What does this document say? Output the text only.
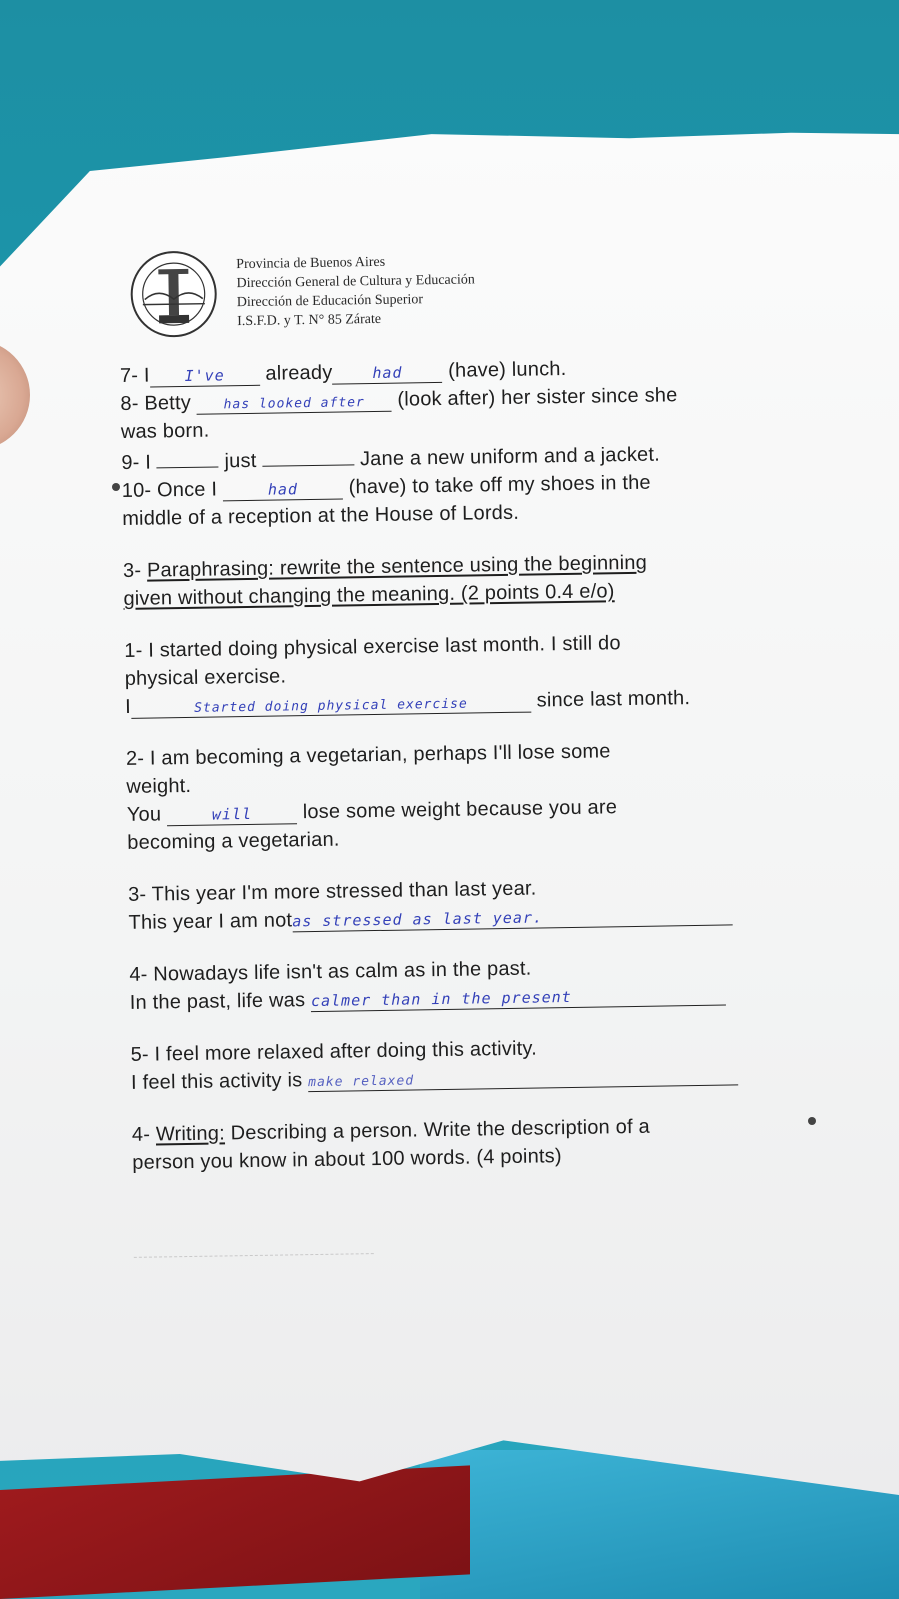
Provincia de Buenos Aires
Dirección General de Cultura y Educación
Dirección de Educación Superior
I.S.F.D. y T. N° 85 Zárate
7- I I've already	had (have) lunch.
8- Betty has looked after (look after) her sister since she
was born.
9- I	just	Jane a new uniform and a jacket.
10- Once I	had	(have) to take off my shoes in the
middle of a reception at the House of Lords.
3- Paraphrasing: rewrite the sentence using the beginning
given without changing the meaning. (2 points 0.4 e/o)
1- I started doing physical exercise last month. I still do
physical exercise.
I	Started doing physical exercise	since last month.
2- I am becoming a vegetarian, perhaps I'll lose some
weight.
You	will	lose some weight because you are
becoming a vegetarian.
3- This year I'm more stressed than last year.
This year I am notas stressed as last year.
4- Nowadays life isn't as calm as in the past.
In the past, life was calmer than in the present
5- I feel more relaxed after doing this activity.
I feel this activity is make relaxed
4- Writing: Describing a person. Write the description of a
person you know in about 100 words. (4 points)
